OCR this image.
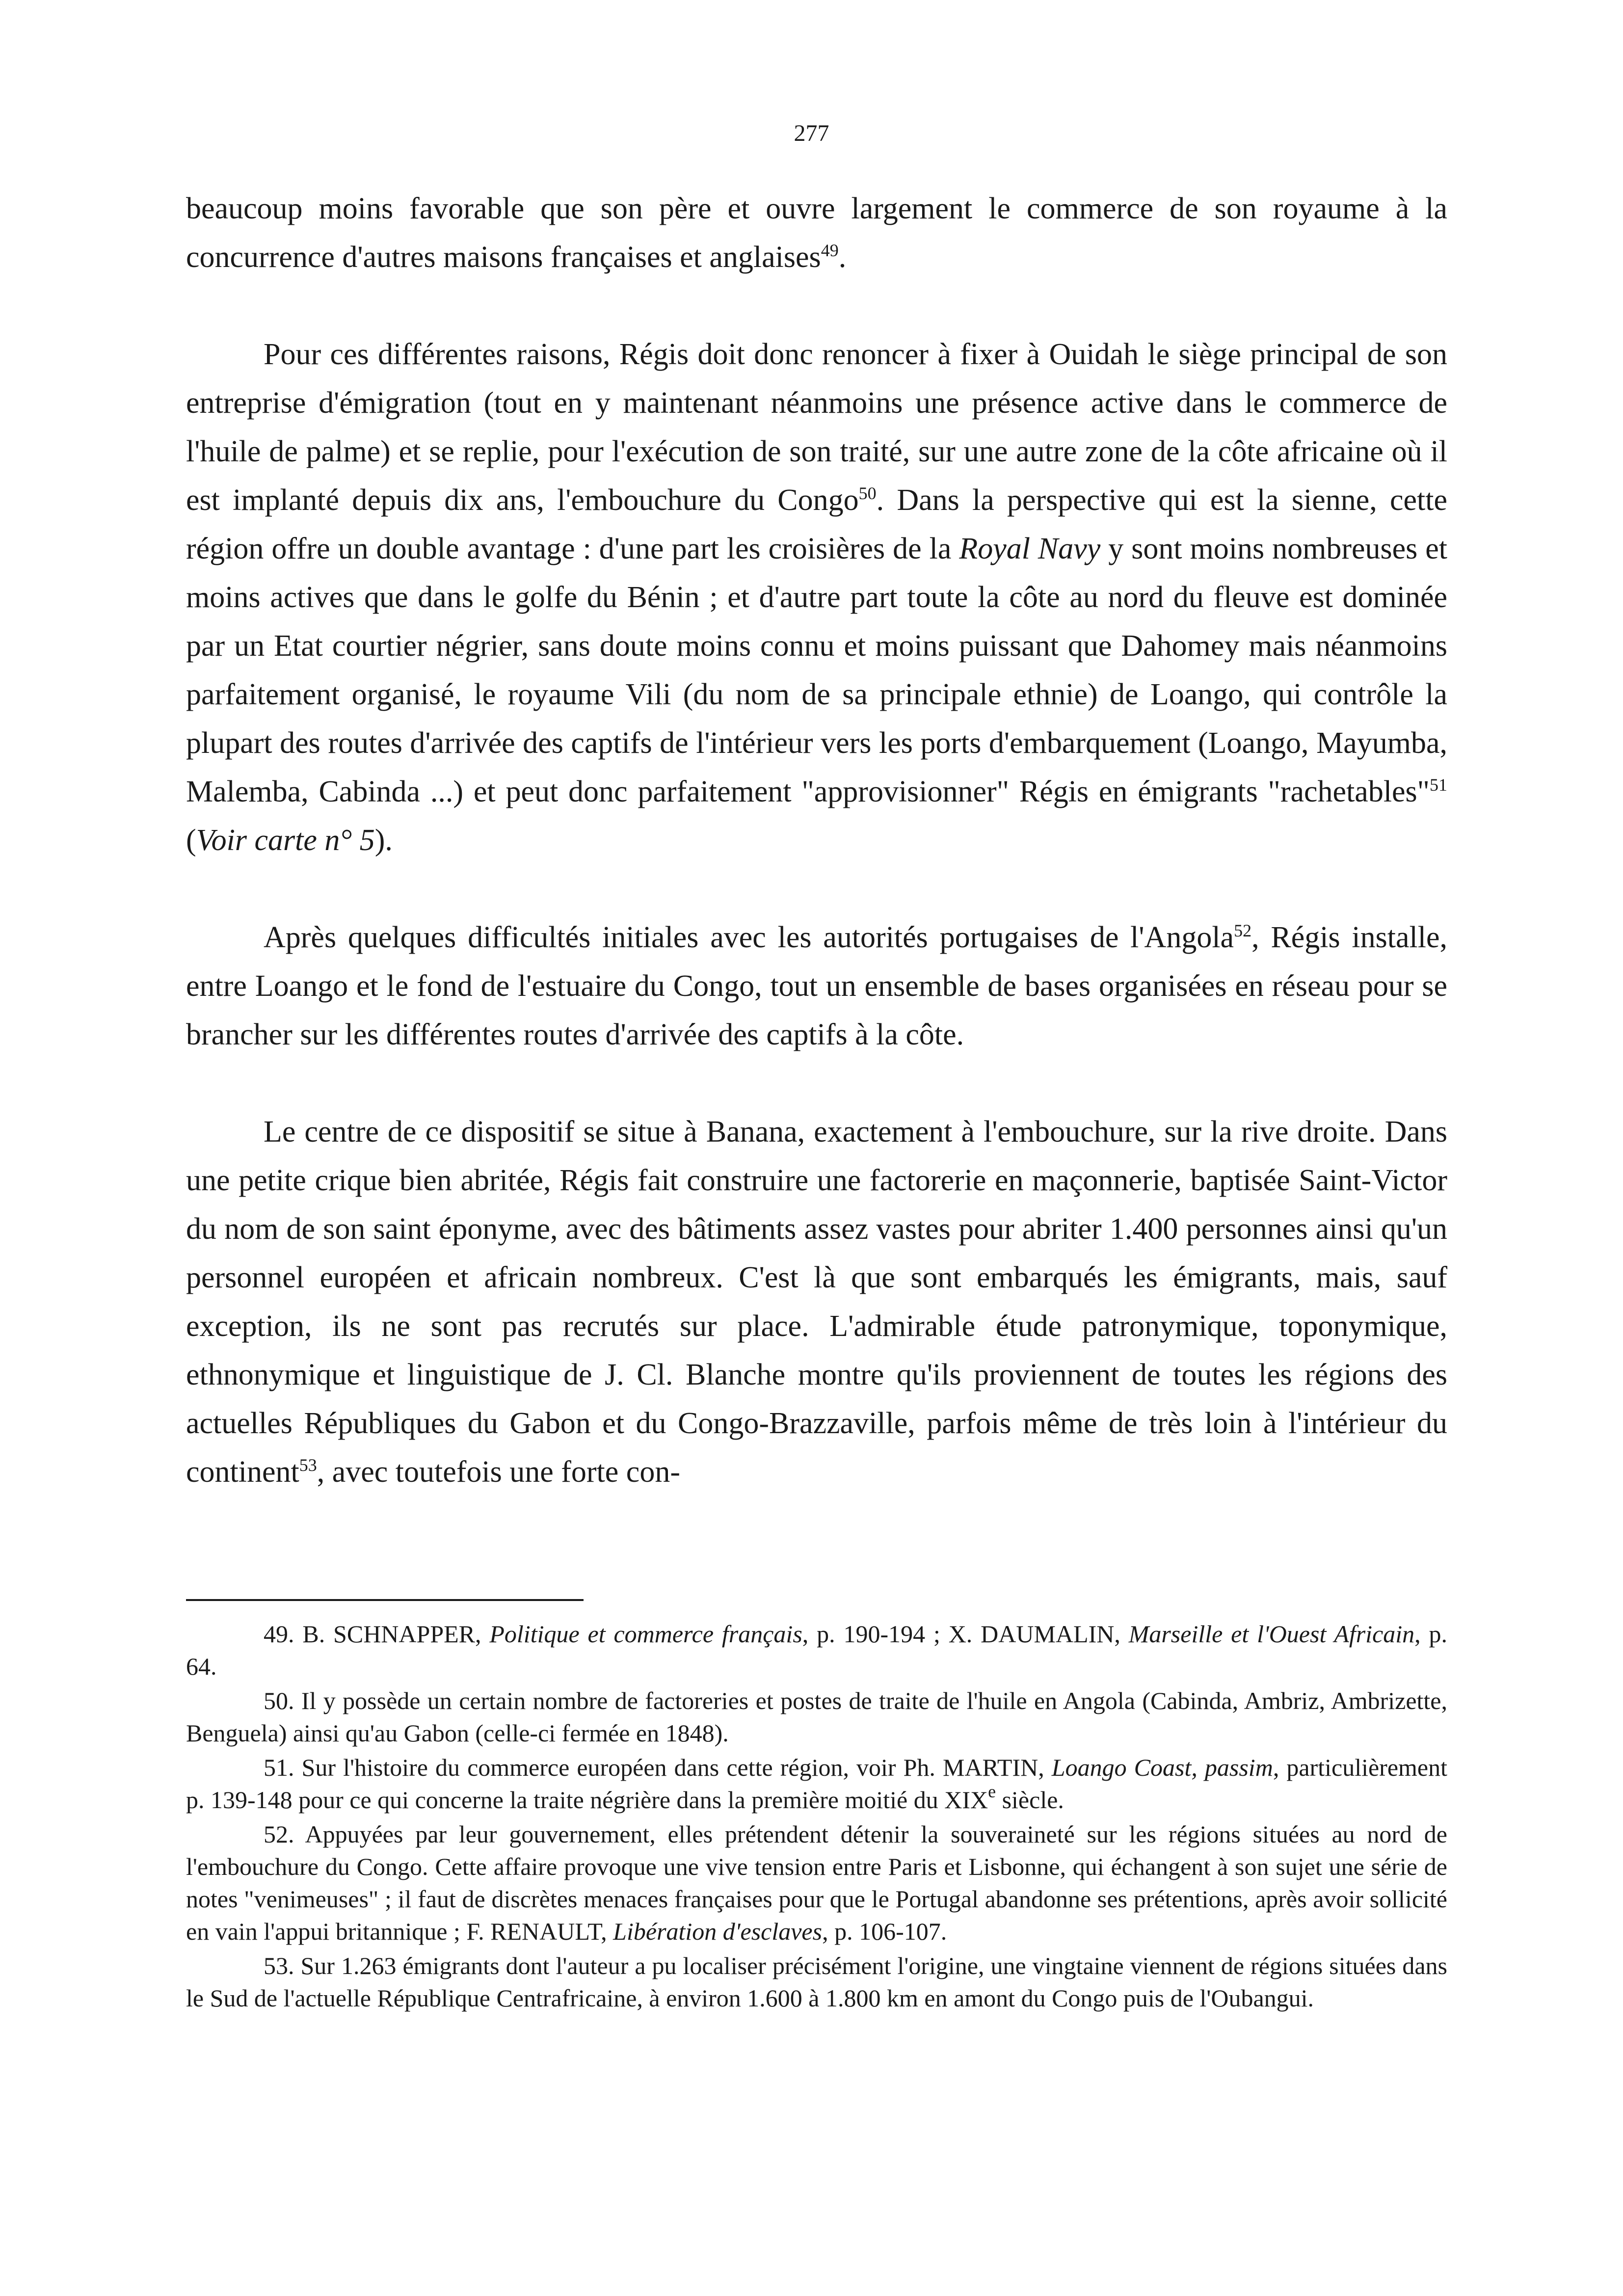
277

beaucoup moins favorable que son père et ouvre largement le commerce de son royaume à la concurrence d'autres maisons françaises et anglaises$^{49}$.

Pour ces différentes raisons, Régis doit donc renoncer à fixer à Ouidah le siège principal de son entreprise d'émigration (tout en y maintenant néanmoins une présence active dans le commerce de l'huile de palme) et se replie, pour l'exécution de son traité, sur une autre zone de la côte africaine où il est implanté depuis dix ans, l'embouchure du Congo$^{50}$. Dans la perspective qui est la sienne, cette région offre un double avantage : d'une part les croisières de la Royal Navy y sont moins nombreuses et moins actives que dans le golfe du Bénin ; et d'autre part toute la côte au nord du fleuve est dominée par un Etat courtier négrier, sans doute moins connu et moins puissant que Dahomey mais néanmoins parfaitement organisé, le royaume Vili (du nom de sa principale ethnie) de Loango, qui contrôle la plupart des routes d'arrivée des captifs de l'intérieur vers les ports d'embarquement (Loango, Mayumba, Malemba, Cabinda ...) et peut donc parfaitement "approvisionner" Régis en émigrants "rachetables"$^{51}$ (Voir carte n° 5).

Après quelques difficultés initiales avec les autorités portugaises de l'Angola$^{52}$, Régis installe, entre Loango et le fond de l'estuaire du Congo, tout un ensemble de bases organisées en réseau pour se brancher sur les différentes routes d'arrivée des captifs à la côte.

Le centre de ce dispositif se situe à Banana, exactement à l'embouchure, sur la rive droite. Dans une petite crique bien abritée, Régis fait construire une factorerie en maçonnerie, baptisée Saint-Victor du nom de son saint éponyme, avec des bâtiments assez vastes pour abriter 1.400 personnes ainsi qu'un personnel européen et africain nombreux. C'est là que sont embarqués les émigrants, mais, sauf exception, ils ne sont pas recrutés sur place. L'admirable étude patronymique, toponymique, ethnonymique et linguistique de J. Cl. Blanche montre qu'ils proviennent de toutes les régions des actuelles Républiques du Gabon et du Congo-Brazzaville, parfois même de très loin à l'intérieur du continent$^{53}$, avec toutefois une forte con-

49. B. SCHNAPPER, Politique et commerce français, p. 190-194 ; X. DAUMALIN, Marseille et l'Ouest Africain, p. 64.

50. Il y possède un certain nombre de factoreries et postes de traite de l'huile en Angola (Cabinda, Ambriz, Ambrizette, Benguela) ainsi qu'au Gabon (celle-ci fermée en 1848).

51. Sur l'histoire du commerce européen dans cette région, voir Ph. MARTIN, Loango Coast, passim, particulièrement p. 139-148 pour ce qui concerne la traite négrière dans la première moitié du XIXe siècle.

52. Appuyées par leur gouvernement, elles prétendent détenir la souveraineté sur les régions situées au nord de l'embouchure du Congo. Cette affaire provoque une vive tension entre Paris et Lisbonne, qui échangent à son sujet une série de notes "venimeuses" ; il faut de discrètes menaces françaises pour que le Portugal abandonne ses prétentions, après avoir sollicité en vain l'appui britannique ; F. RENAULT, Libération d'esclaves, p. 106-107.

53. Sur 1.263 émigrants dont l'auteur a pu localiser précisément l'origine, une vingtaine viennent de régions situées dans le Sud de l'actuelle République Centrafricaine, à environ 1.600 à 1.800 km en amont du Congo puis de l'Oubangui.
